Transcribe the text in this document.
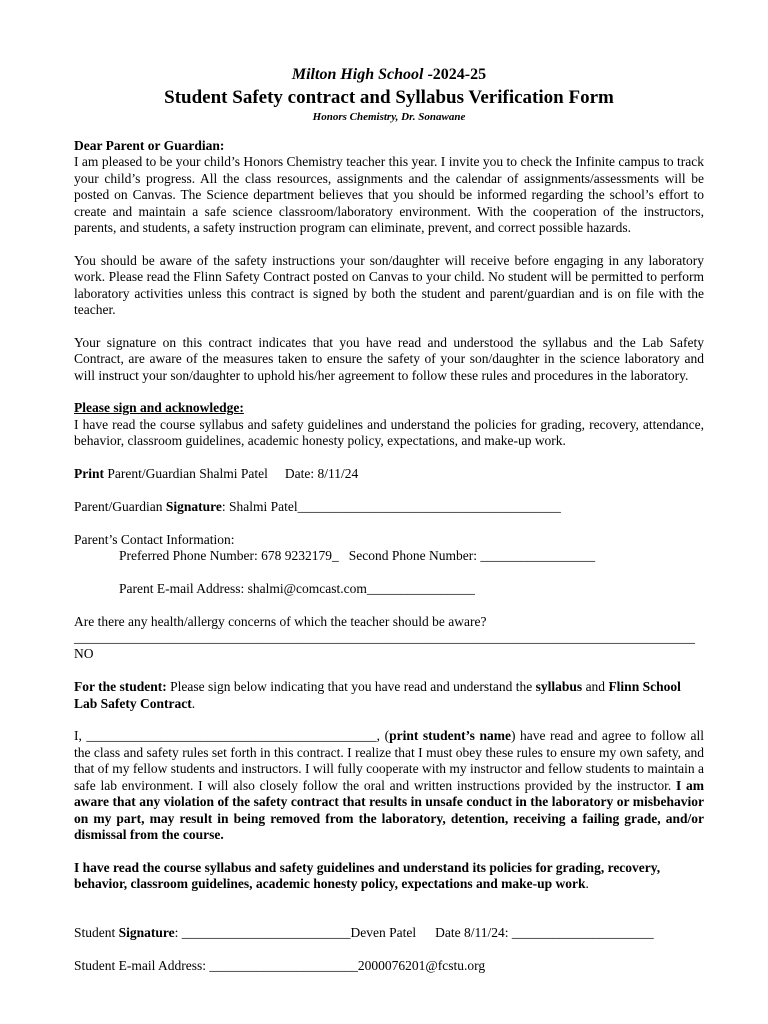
Milton High School -2024-25
Student Safety contract and Syllabus Verification Form
Honors Chemistry, Dr. Sonawane

Dear Parent or Guardian:

I am pleased to be your child’s Honors Chemistry teacher this year. I invite you to check the Infinite campus to track your child’s progress. All the class resources, assignments and the calendar of assignments/assessments will be posted on Canvas. The Science department believes that you should be informed regarding the school’s effort to create and maintain a safe science classroom/laboratory environment. With the cooperation of the instructors, parents, and students, a safety instruction program can eliminate, prevent, and correct possible hazards.

You should be aware of the safety instructions your son/daughter will receive before engaging in any laboratory work. Please read the Flinn Safety Contract posted on Canvas to your child. No student will be permitted to perform laboratory activities unless this contract is signed by both the student and parent/guardian and is on file with the teacher.

Your signature on this contract indicates that you have read and understood the syllabus and the Lab Safety Contract, are aware of the measures taken to ensure the safety of your son/daughter in the science laboratory and will instruct your son/daughter to uphold his/her agreement to follow these rules and procedures in the laboratory.

Please sign and acknowledge:

I have read the course syllabus and safety guidelines and understand the policies for grading, recovery, attendance, behavior, classroom guidelines, academic honesty policy, expectations, and make-up work.

Print Parent/Guardian Shalmi Patel Date: 8/11/24

Parent/Guardian Signature: Shalmi Patel_______________________________________

Parent’s Contact Information:

Preferred Phone Number: 678 9232179_ Second Phone Number: _________________

Parent E-mail Address: shalmi@comcast.com________________

Are there any health/allergy concerns of which the teacher should be aware?

____________________________________________________________________________________________

NO

For the student: Please sign below indicating that you have read and understand the syllabus and Flinn School Lab Safety Contract.

I, ___________________________________________, (print student’s name) have read and agree to follow all the class and safety rules set forth in this contract. I realize that I must obey these rules to ensure my own safety, and that of my fellow students and instructors. I will fully cooperate with my instructor and fellow students to maintain a safe lab environment. I will also closely follow the oral and written instructions provided by the instructor. I am aware that any violation of the safety contract that results in unsafe conduct in the laboratory or misbehavior on my part, may result in being removed from the laboratory, detention, receiving a failing grade, and/or dismissal from the course.

I have read the course syllabus and safety guidelines and understand its policies for grading, recovery, behavior, classroom guidelines, academic honesty policy, expectations and make-up work.

Student Signature: _________________________Deven Patel Date 8/11/24: _____________________

Student E-mail Address: ______________________2000076201@fcstu.org
